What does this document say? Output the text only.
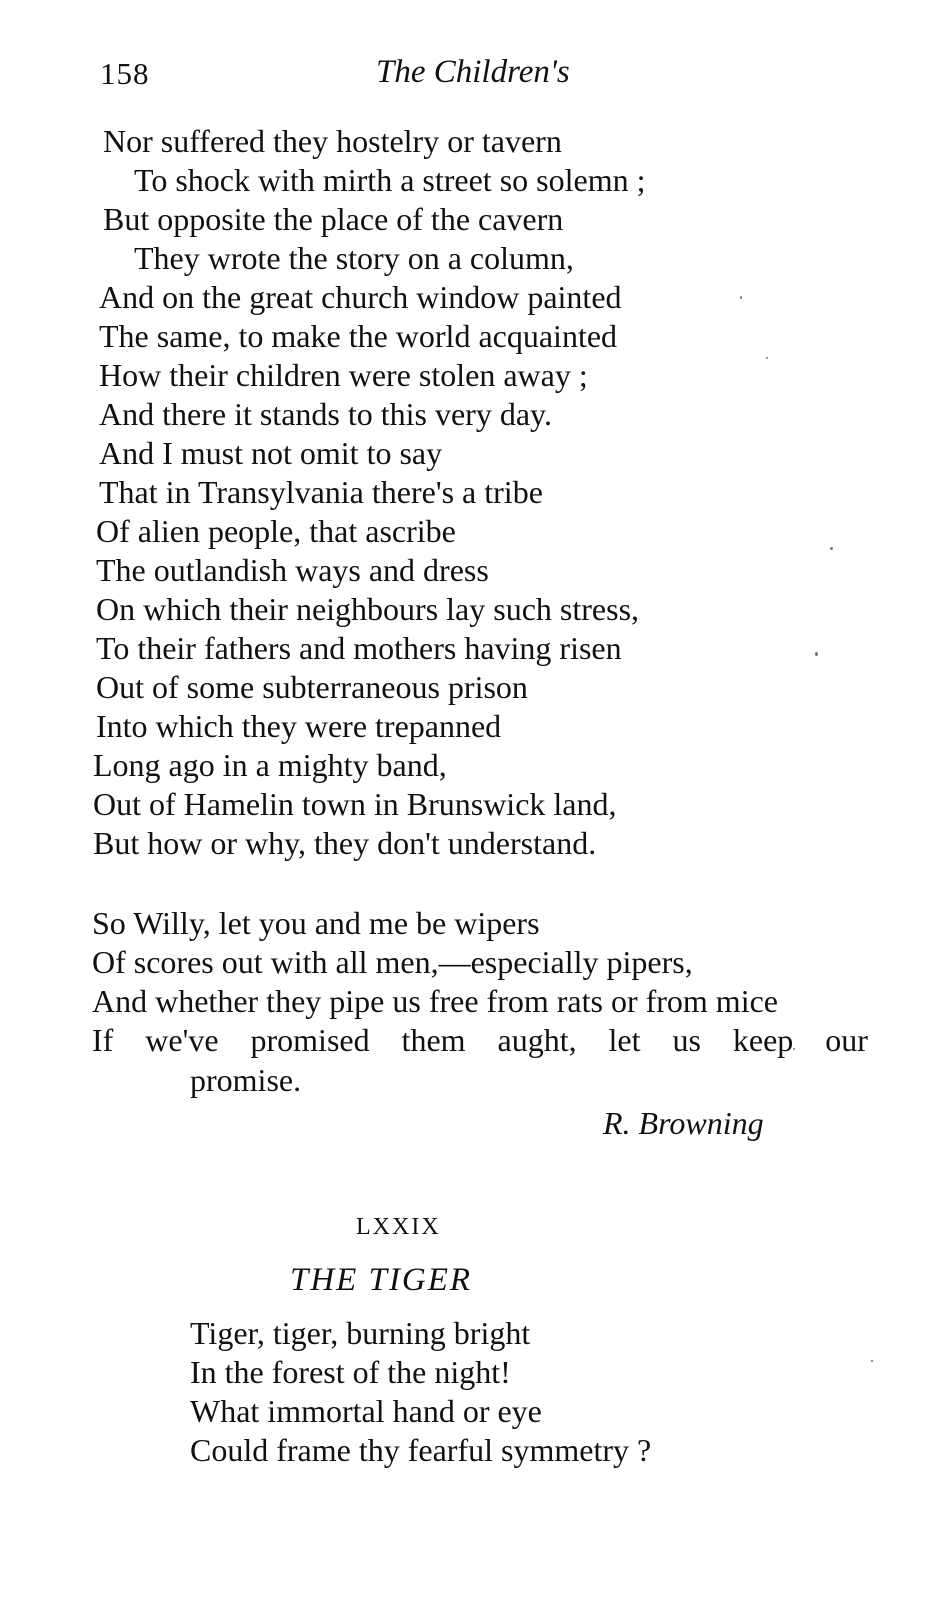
158	The Children's
Nor suffered they hostelry or tavern
To shock with mirth a street so solemn ;
But opposite the place of the cavern
They wrote the story on a column,
And on the great church window painted
The same, to make the world acquainted
How their children were stolen away ;
And there it stands to this very day.
And I must not omit to say
That in Transylvania there's a tribe
Of alien people, that ascribe
The outlandish ways and dress
On which their neighbours lay such stress,
To their fathers and mothers having risen
Out of some subterraneous prison
Into which they were trepanned
Long ago in a mighty band,
Out of Hamelin town in Brunswick land,
But how or why, they don't understand.
So Willy, let you and me be wipers
Of scores out with all men,—especially pipers,
And whether they pipe us free from rats or from mice
If we've promised them aught, let us keep our
promise.
R. Browning
LXXIX
THE TIGER
Tiger, tiger, burning bright
In the forest of the night!
What immortal hand or eye
Could frame thy fearful symmetry ?
